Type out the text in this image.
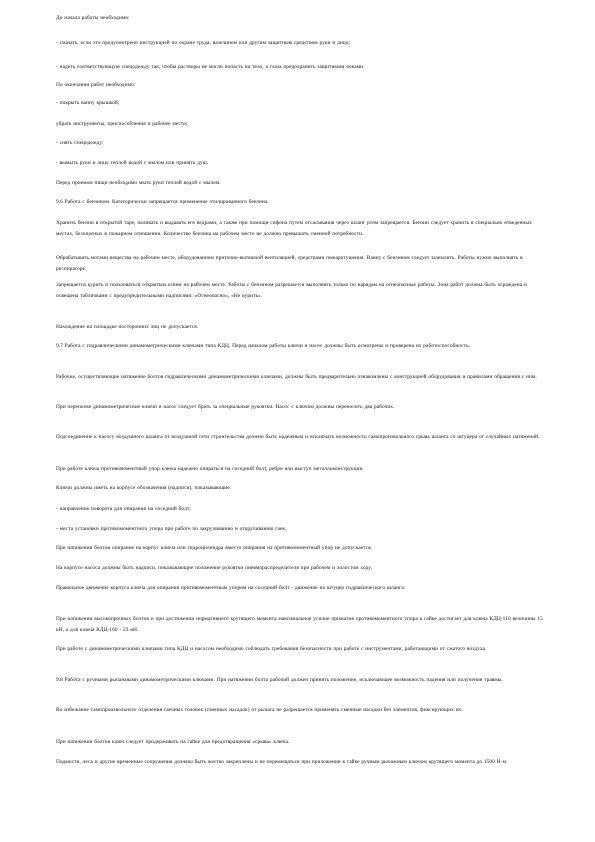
До начала работы необходимо:

- смазать, если это предусмотрено инструкцией по охране труда, вазелином или другим защитным средством руки и лицо;

- надеть соответствующую спецодежду так, чтобы растворы не могли попасть на тело, а глаза предохранить защитными очками.

По окончании работ необходимо:

- покрыть ванну крышкой;

убрать инструменты, приспособления и рабочее место;

- снять спецодежду;

- вымыть руки и лицо теплой водой с мылом или принять душ.

Перед приемом пищи необходимо мыть руки теплой водой с мылом.

9.6 Работа с бензином. Категорически запрещается применение этилированного бензина.

Хранить бензин в открытой таре, наливать и выдавать его ведрами, а также при помощи сифона путем отсасывания через шланг ртом запрещается. Бензин следует хранить в специально отведенных местах, безопасных в пожарном отношении. Количество бензина на рабочем месте не должно превышать сменной потребности.

Обрабатывать мотами вещества на рабочем месте, оборудованном приточно-вытяжной вентиляцией, средствами пожаротушения. Ванну с бензином следует заземлить. Работы нужно выполнять в респираторе.

Запрещается курить и пользоваться открытым огнем на рабочем месте. Работы с бензином разрешается выполнять только по нарядам на огнеопасные работы. Зона работ должна быть ограждена и освещена табличками с предупредительными надписями: «Огнеопасно», «Не курить».

Нахождение на площадке посторонних лиц не допускается.

9.7 Работа с гидравлическими динамометрическими ключами типа КДЦ. Перед началом работы ключи и насос должны быть осмотрены и проверена их работоспособность.

Рабочие, осуществляющие натяжение болтов гидравлическими динамометрическими ключами, должны быть предварительно ознакомлены с конструкцией оборудования и правилами обращения с ним.

При переноске динамометрические ключи и насос следует брать за специальные рукоятки. Насос с ключом должны переносить два рабочих.

Подсоединение к насосу воздушного шланга от воздушной сети строительства должно быть надежным и исключать возможность самопроизвольного срыва шланга со штуцера от случайных натяжений.

При работе ключа противомоментный упор ключа надежно опираться на соседний болт, ребро или выступ металлоконструкции.

Ключи должны иметь на корпусе обозначения (надписи), показывающие:

- направление поворота для опирания на соседний болт;

- места установки противомоментного упора при работе по закручиванию и откручиванию гаек.

При натяжении болтов опирание на корпус ключа или гидроцилиндра вместо опирания на противомоментный упор не допускается.

На корпусе насоса должны быть надписи, показывающие положение рукоятки пневмораспределителя при рабочем и холостом ходу.

Правильное движение корпуса ключа для опирания противомоментным упором на соседний болт - движение на штуцер гидравлического шланга.

При натяжении высокопрочных болтов и при достижении нормативного крутящего момента максимальное усилие прижатия противомоментного упора к гайке достигает для ключа КДЦ-110 величины 15 кН, а для ключа КДЦ-160 - 23 кН.

При работе с динамометрическими ключами типа КДЦ и насосом необходимо соблюдать требования безопасности при работе с инструментами, работающими от сжатого воздуха.

9.8 Работа с ручными рычажными динамометрическими ключами. При натяжении болта рабочий должен принять положение, исключающее возможность падения или получения травмы.

Во избежание самопроизвольного отделения гаечных головок (сменных насадок) от рычага не разрешается применять сменные насадки без элементов, фиксирующих их.

При натяжении болтов ключ следует придерживать на гайке для предотвращения «срыва» ключа.

Подмости, леса и другие временные сооружения должны быть жестко закреплены и не перемещаться при приложении к гайке ручным рычажным ключом крутящего момента до 1500 Н·м.
